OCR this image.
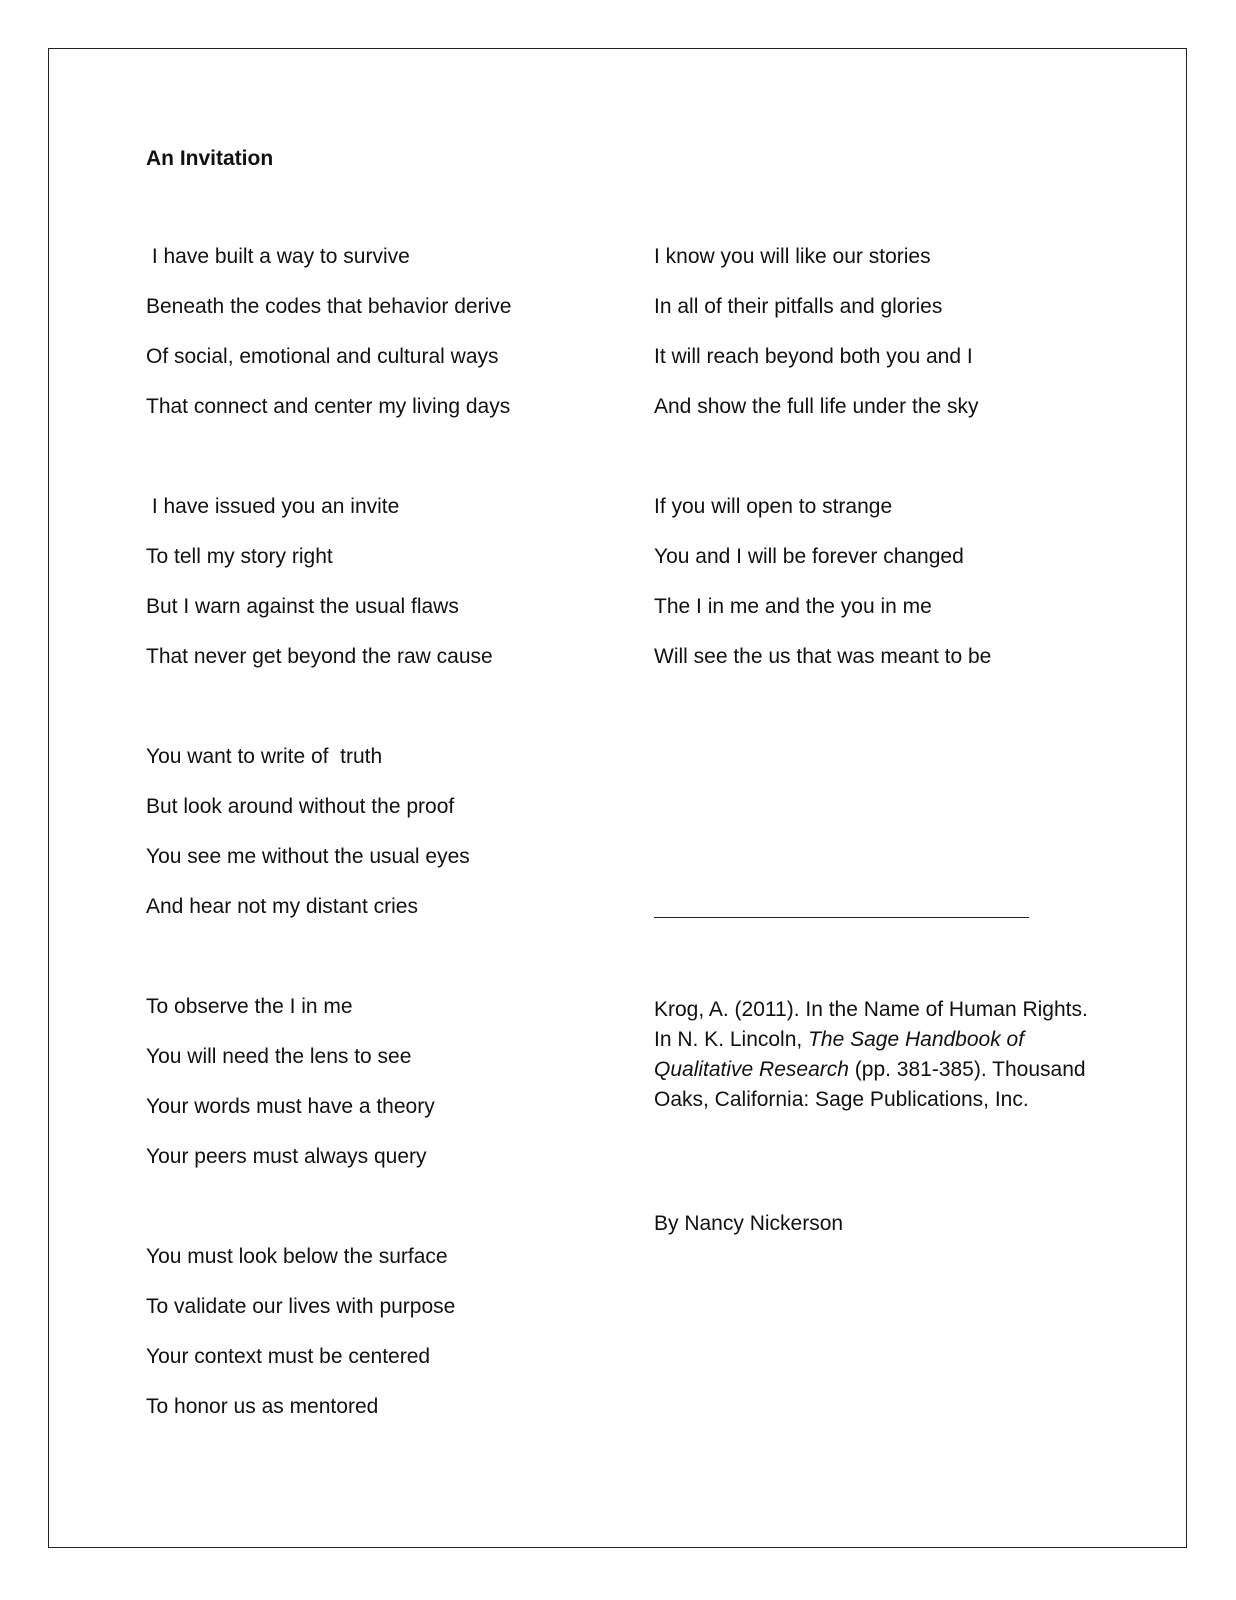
An Invitation
I have built a way to survive
Beneath the codes that behavior derive
Of social, emotional and cultural ways
That connect and center my living days
I have issued you an invite
To tell my story right
But I warn against the usual flaws
That never get beyond the raw cause
You want to write of  truth
But look around without the proof
You see me without the usual eyes
And hear not my distant cries
To observe the I in me
You will need the lens to see
Your words must have a theory
Your peers must always query
You must look below the surface
To validate our lives with purpose
Your context must be centered
To honor us as mentored
I know you will like our stories
In all of their pitfalls and glories
It will reach beyond both you and I
And show the full life under the sky
If you will open to strange
You and I will be forever changed
The I in me and the you in me
Will see the us that was meant to be

Krog, A. (2011). In the Name of Human Rights. In N. K. Lincoln, The Sage Handbook of Qualitative Research (pp. 381-385). Thousand Oaks, California: Sage Publications, Inc.

By Nancy Nickerson
